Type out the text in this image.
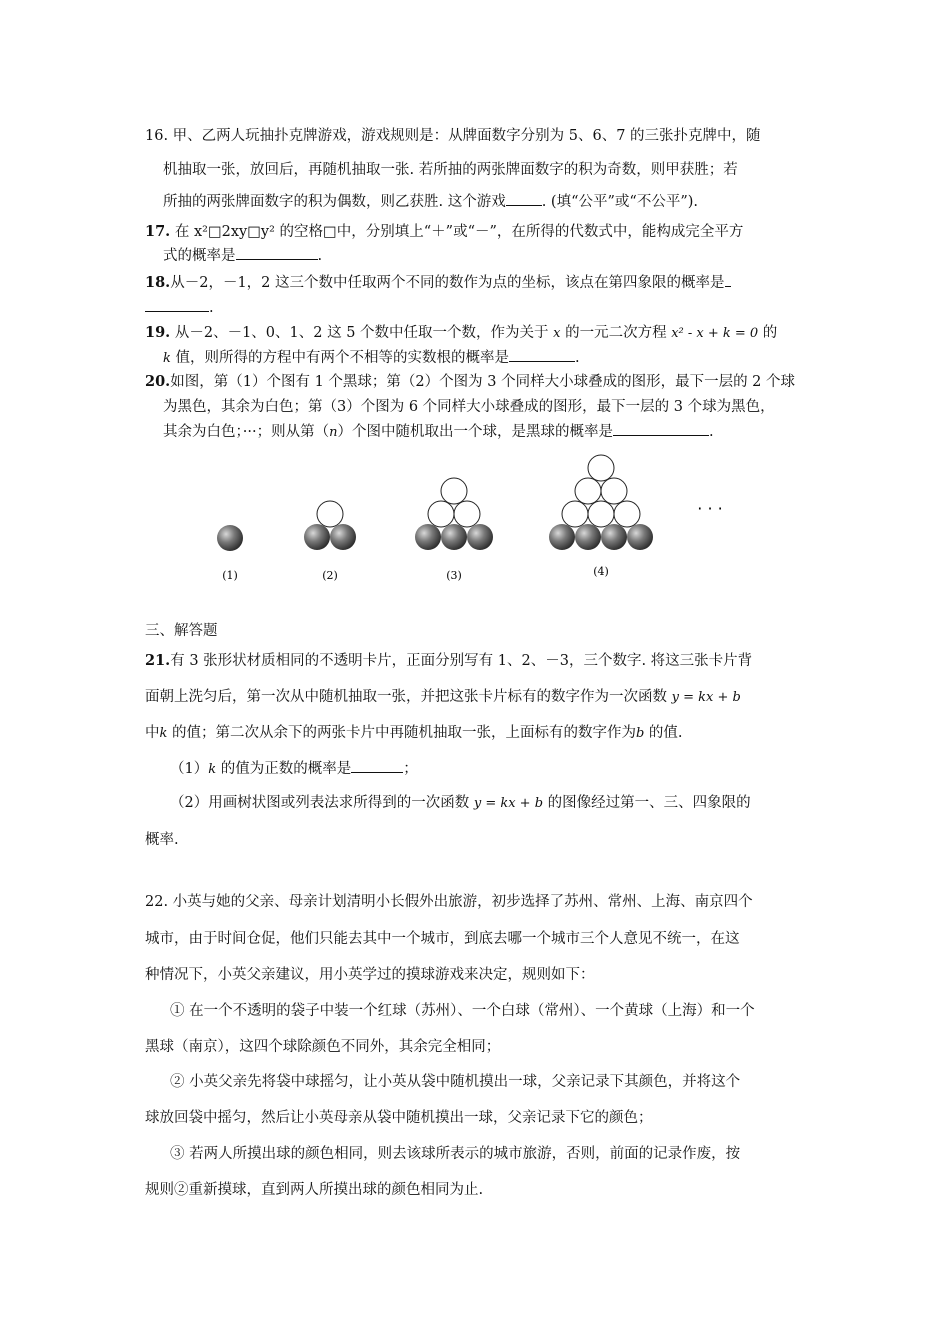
16. 甲、乙两人玩抽扑克牌游戏，游戏规则是：从牌面数字分别为 5、6、7 的三张扑克牌中，随
机抽取一张，放回后，再随机抽取一张. 若所抽的两张牌面数字的积为奇数，则甲获胜；若
所抽的两张牌面数字的积为偶数，则乙获胜. 这个游戏 . (填“公平”或“不公平”).
17. 在 x²□2xy□y² 的空格□中，分别填上“＋”或“－”，在所得的代数式中，能构成完全平方
式的概率是	.
18.从－2，－1，2 这三个数中任取两个不同的数作为点的坐标，该点在第四象限的概率是
.
19. 从－2、－1、0、1、2 这 5 个数中任取一个数，作为关于 x 的一元二次方程 x² - x + k = 0 的
k 值，则所得的方程中有两个不相等的实数根的概率是	.
20.如图，第（1）个图有 1 个黑球；第（2）个图为 3 个同样大小球叠成的图形，最下一层的 2 个球
为黑色，其余为白色；第（3）个图为 6 个同样大小球叠成的图形，最下一层的 3 个球为黑色，
其余为白色；···；则从第（n）个图中随机取出一个球，是黑球的概率是	.
· · ·
(1)	(2)	(3)	(4)
三、解答题
21.有 3 张形状材质相同的不透明卡片，正面分别写有 1、2、－3，三个数字. 将这三张卡片背
面朝上洗匀后，第一次从中随机抽取一张，并把这张卡片标有的数字作为一次函数 y = kx + b
中k 的值；第二次从余下的两张卡片中再随机抽取一张，上面标有的数字作为b 的值.
（1）k 的值为正数的概率是	；
（2）用画树状图或列表法求所得到的一次函数 y = kx + b 的图像经过第一、三、四象限的
概率.
22. 小英与她的父亲、母亲计划清明小长假外出旅游，初步选择了苏州、常州、上海、南京四个
城市，由于时间仓促，他们只能去其中一个城市，到底去哪一个城市三个人意见不统一，在这
种情况下，小英父亲建议，用小英学过的摸球游戏来决定，规则如下：
① 在一个不透明的袋子中装一个红球（苏州）、一个白球（常州）、一个黄球（上海）和一个
黑球（南京），这四个球除颜色不同外，其余完全相同；
② 小英父亲先将袋中球摇匀，让小英从袋中随机摸出一球，父亲记录下其颜色，并将这个
球放回袋中摇匀，然后让小英母亲从袋中随机摸出一球，父亲记录下它的颜色；
③ 若两人所摸出球的颜色相同，则去该球所表示的城市旅游，否则，前面的记录作废，按
规则②重新摸球，直到两人所摸出球的颜色相同为止.
